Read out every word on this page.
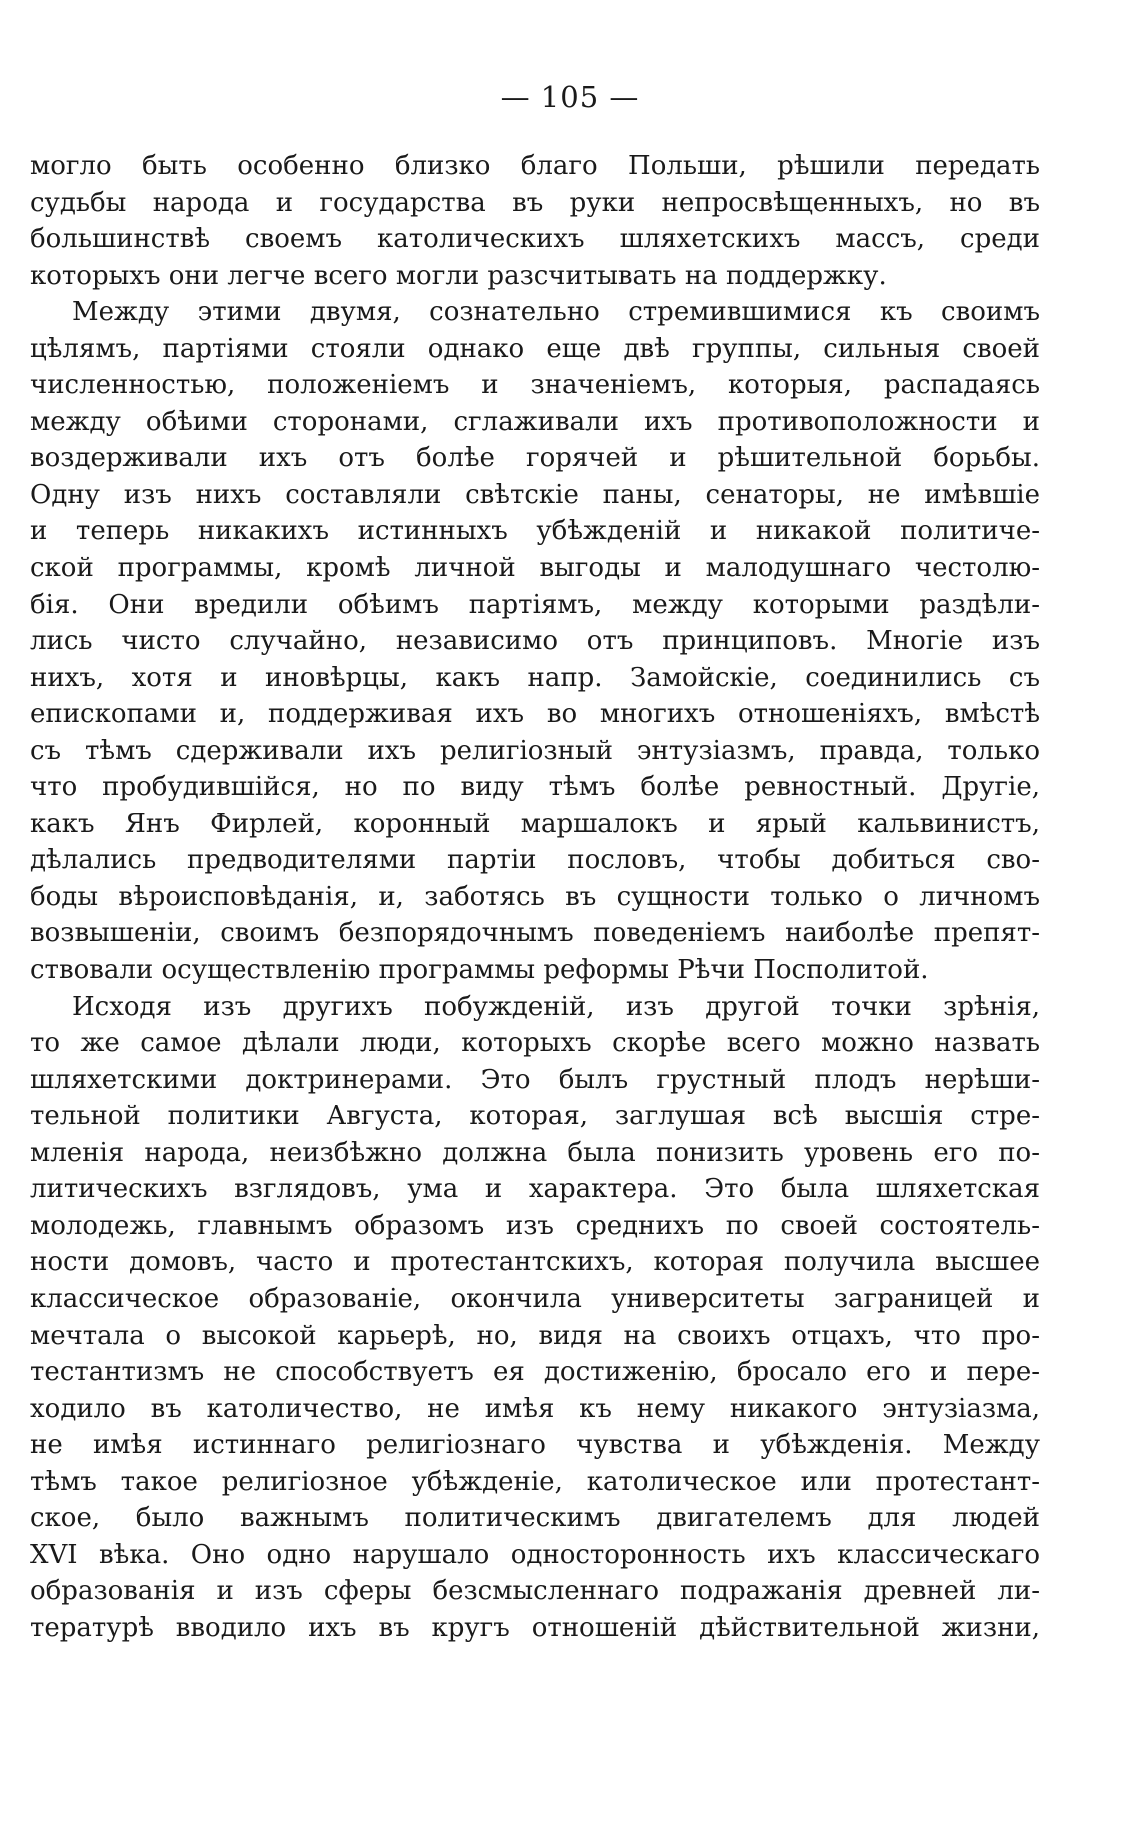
— 105 —
могло быть особенно близко благо Польши, рѣшили передать
судьбы народа и государства въ руки непросвѣщенныхъ, но въ
большинствѣ своемъ католическихъ шляхетскихъ массъ, среди
которыхъ они легче всего могли разсчитывать на поддержку.
Между этими двумя, сознательно стремившимися къ своимъ
цѣлямъ, партіями стояли однако еще двѣ группы, сильныя своей
численностью, положеніемъ и значеніемъ, которыя, распадаясь
между обѣими сторонами, сглаживали ихъ противоположности и
воздерживали ихъ отъ болѣе горячей и рѣшительной борьбы.
Одну изъ нихъ составляли свѣтскіе паны, сенаторы, не имѣвшіе
и теперь никакихъ истинныхъ убѣжденій и никакой политиче-
ской программы, кромѣ личной выгоды и малодушнаго честолю-
бія. Они вредили обѣимъ партіямъ, между которыми раздѣли-
лись чисто случайно, независимо отъ принциповъ. Многіе изъ
нихъ, хотя и иновѣрцы, какъ напр. Замойскіе, соединились съ
епископами и, поддерживая ихъ во многихъ отношеніяхъ, вмѣстѣ
съ тѣмъ сдерживали ихъ религіозный энтузіазмъ, правда, только
что пробудившійся, но по виду тѣмъ болѣе ревностный. Другіе,
какъ Янъ Фирлей, коронный маршалокъ и ярый кальвинистъ,
дѣлались предводителями партіи пословъ, чтобы добиться сво-
боды вѣроисповѣданія, и, заботясь въ сущности только о личномъ
возвышеніи, своимъ безпорядочнымъ поведеніемъ наиболѣе препят-
ствовали осуществленію программы реформы Рѣчи Посполитой.
Исходя изъ другихъ побужденій, изъ другой точки зрѣнія,
то же самое дѣлали люди, которыхъ скорѣе всего можно назвать
шляхетскими доктринерами. Это былъ грустный плодъ нерѣши-
тельной политики Августа, которая, заглушая всѣ высшія стре-
мленія народа, неизбѣжно должна была понизить уровень его по-
литическихъ взглядовъ, ума и характера. Это была шляхетская
молодежь, главнымъ образомъ изъ среднихъ по своей состоятель-
ности домовъ, часто и протестантскихъ, которая получила высшее
классическое образованіе, окончила университеты заграницей и
мечтала о высокой карьерѣ, но, видя на своихъ отцахъ, что про-
тестантизмъ не способствуетъ ея достиженію, бросало его и пере-
ходило въ католичество, не имѣя къ нему никакого энтузіазма,
не имѣя истиннаго религіознаго чувства и убѣжденія. Между
тѣмъ такое религіозное убѣжденіе, католическое или протестант-
ское, было важнымъ политическимъ двигателемъ для людей
XVI вѣка. Оно одно нарушало односторонность ихъ классическаго
образованія и изъ сферы безсмысленнаго подражанія древней ли-
тературѣ вводило ихъ въ кругъ отношеній дѣйствительной жизни,
